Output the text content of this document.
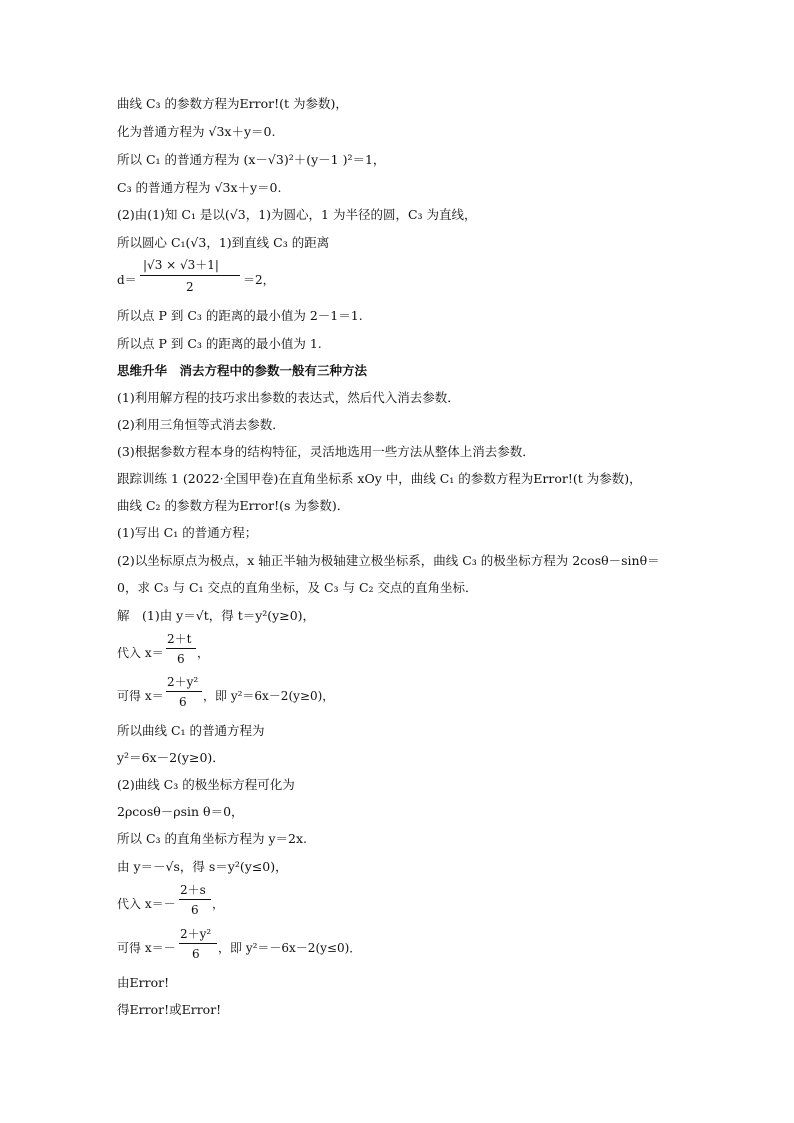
曲线 C₃ 的参数方程为Error!(t 为参数)，
化为普通方程为 √3x＋y＝0.
所以 C₁ 的普通方程为 (x－√3)²＋(y－1 )²＝1，
C₃ 的普通方程为 √3x＋y＝0.
(2)由(1)知 C₁ 是以(√3，1)为圆心，1 为半径的圆，C₃ 为直线，
所以圆心 C₁(√3，1)到直线 C₃ 的距离
d＝
|√3 × √3＋1|
2	＝2，
所以点 P 到 C₃ 的距离的最小值为 2－1＝1.
所以点 P 到 C₃ 的距离的最小值为 1.
思维升华　消去方程中的参数一般有三种方法
(1)利用解方程的技巧求出参数的表达式，然后代入消去参数．
(2)利用三角恒等式消去参数．
(3)根据参数方程本身的结构特征，灵活地选用一些方法从整体上消去参数．
跟踪训练 1 (2022·全国甲卷)在直角坐标系 xOy 中，曲线 C₁ 的参数方程为Error!(t 为参数)，
曲线 C₂ 的参数方程为Error!(s 为参数)．
(1)写出 C₁ 的普通方程；
(2)以坐标原点为极点，x 轴正半轴为极轴建立极坐标系，曲线 C₃ 的极坐标方程为 2cosθ－sinθ＝
0，求 C₃ 与 C₁ 交点的直角坐标，及 C₃ 与 C₂ 交点的直角坐标．
解　(1)由 y＝√t，得 t＝y²(y≥0)，
代入 x＝
2＋t
6 ，
可得 x＝
2＋y²
6 ，即 y²＝6x－2(y≥0)，
所以曲线 C₁ 的普通方程为
y²＝6x－2(y≥0)．
(2)曲线 C₃ 的极坐标方程可化为
2ρcosθ－ρsin θ＝0，
所以 C₃ 的直角坐标方程为 y＝2x.
由 y＝－√s，得 s＝y²(y≤0)，
代入 x＝－
2＋s
6 ，
可得 x＝－
2＋y²
6 ，即 y²＝－6x－2(y≤0)．
由Error!
得Error!或Error!
